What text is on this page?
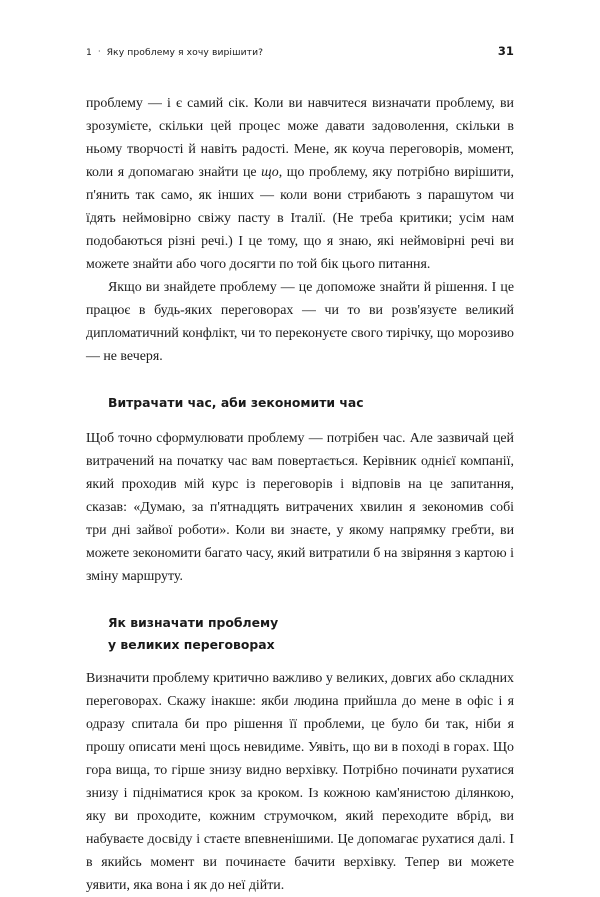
1 · Яку проблему я хочу вирішити?	31

проблему — і є самий сік. Коли ви навчитеся визначати проблему, ви зрозумієте, скільки цей процес може давати задоволення, скільки в ньому творчості й навіть радості. Мене, як коуча переговорів, момент, коли я допомагаю знайти це що, що проблему, яку потрібно вирішити, п'янить так само, як інших — коли вони стрибають з парашутом чи їдять неймовірно свіжу пасту в Італії. (Не треба критики; усім нам подобаються різні речі.) І це тому, що я знаю, які неймовірні речі ви можете знайти або чого досягти по той бік цього питання.

Якщо ви знайдете проблему — це допоможе знайти й рішення. І це працює в будь-яких переговорах — чи то ви розв'язуєте великий дипломатичний конфлікт, чи то переконуєте свого тирічку, що морозиво — не вечеря.

Витрачати час, аби зекономити час

Щоб точно сформулювати проблему — потрібен час. Але зазвичай цей витрачений на початку час вам повертається. Керівник однієї компанії, який проходив мій курс із переговорів і відповів на це запитання, сказав: «Думаю, за п'ятнадцять витрачених хвилин я зекономив собі три дні зайвої роботи». Коли ви знаєте, у якому напрямку гребти, ви можете зекономити багато часу, який витратили б на звіряння з картою і зміну маршруту.

Як визначати проблему
у великих переговорах

Визначити проблему критично важливо у великих, довгих або складних переговорах. Скажу інакше: якби людина прийшла до мене в офіс і я одразу спитала би про рішення її проблеми, це було би так, ніби я прошу описати мені щось невидиме. Уявіть, що ви в поході в горах. Що гора вища, то гірше знизу видно верхівку. Потрібно починати рухатися знизу і підніматися крок за кроком. Із кожною кам'янистою ділянкою, яку ви проходите, кожним струмочком, який переходите вбрід, ви набуваєте досвіду і стаєте впевненішими. Це допомагає рухатися далі. І в якийсь момент ви починаєте бачити верхівку. Тепер ви можете уявити, яка вона і як до неї дійти.
